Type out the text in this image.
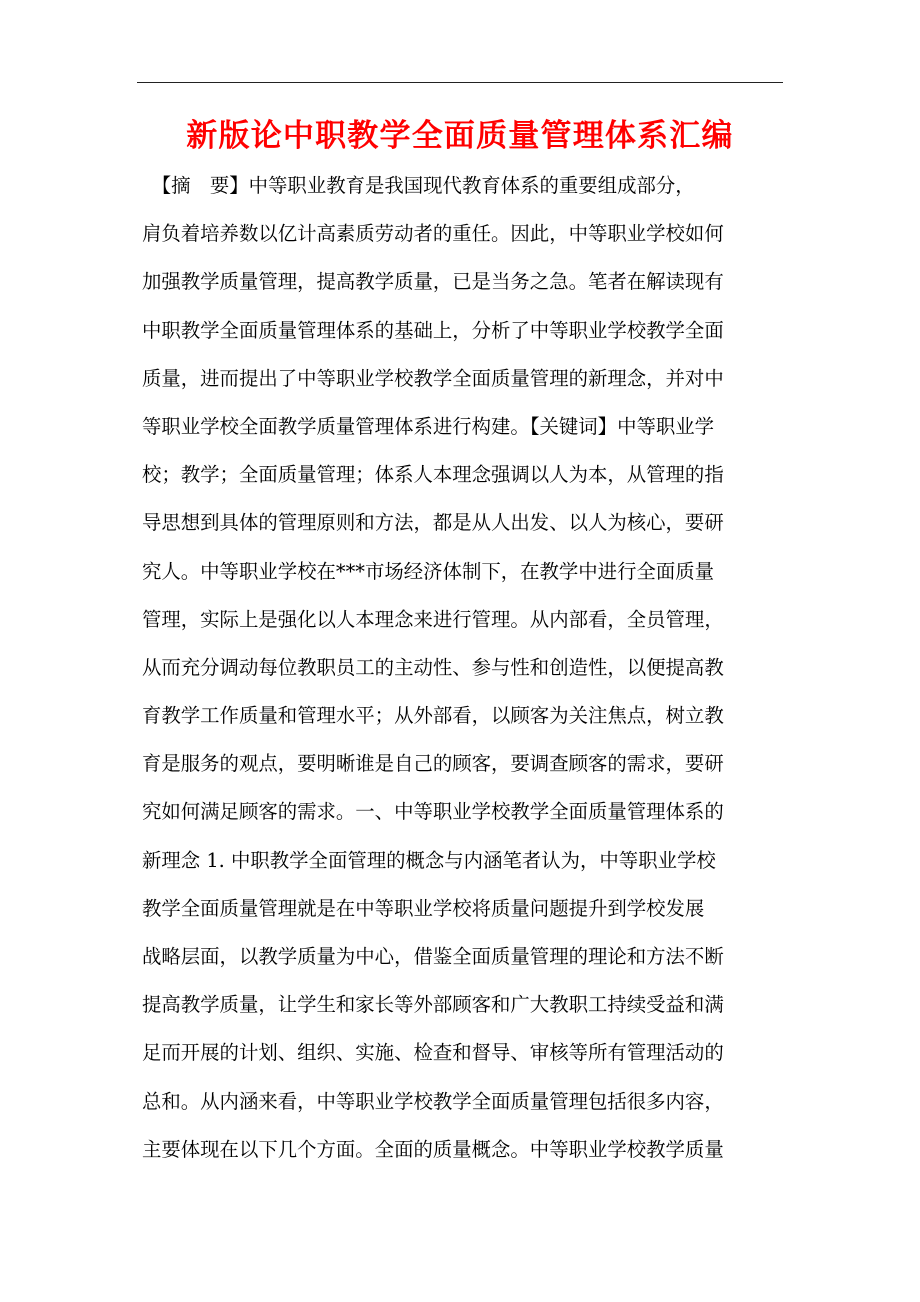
新版论中职教学全面质量管理体系汇编
　【摘　要】中等职业教育是我国现代教育体系的重要组成部分，
肩负着培养数以亿计高素质劳动者的重任。因此，中等职业学校如何
加强教学质量管理，提高教学质量，已是当务之急。笔者在解读现有
中职教学全面质量管理体系的基础上，分析了中等职业学校教学全面
质量，进而提出了中等职业学校教学全面质量管理的新理念，并对中
等职业学校全面教学质量管理体系进行构建。【关键词】中等职业学
校；教学；全面质量管理；体系人本理念强调以人为本，从管理的指
导思想到具体的管理原则和方法，都是从人出发、以人为核心，要研
究人。中等职业学校在***市场经济体制下，在教学中进行全面质量
管理，实际上是强化以人本理念来进行管理。从内部看，全员管理，
从而充分调动每位教职员工的主动性、参与性和创造性，以便提高教
育教学工作质量和管理水平；从外部看，以顾客为关注焦点，树立教
育是服务的观点，要明晰谁是自己的顾客，要调查顾客的需求，要研
究如何满足顾客的需求。一、中等职业学校教学全面质量管理体系的
新理念 1. 中职教学全面管理的概念与内涵笔者认为，中等职业学校
教学全面质量管理就是在中等职业学校将质量问题提升到学校发展
战略层面，以教学质量为中心，借鉴全面质量管理的理论和方法不断
提高教学质量，让学生和家长等外部顾客和广大教职工持续受益和满
足而开展的计划、组织、实施、检查和督导、审核等所有管理活动的
总和。从内涵来看，中等职业学校教学全面质量管理包括很多内容，
主要体现在以下几个方面。全面的质量概念。中等职业学校教学质量
